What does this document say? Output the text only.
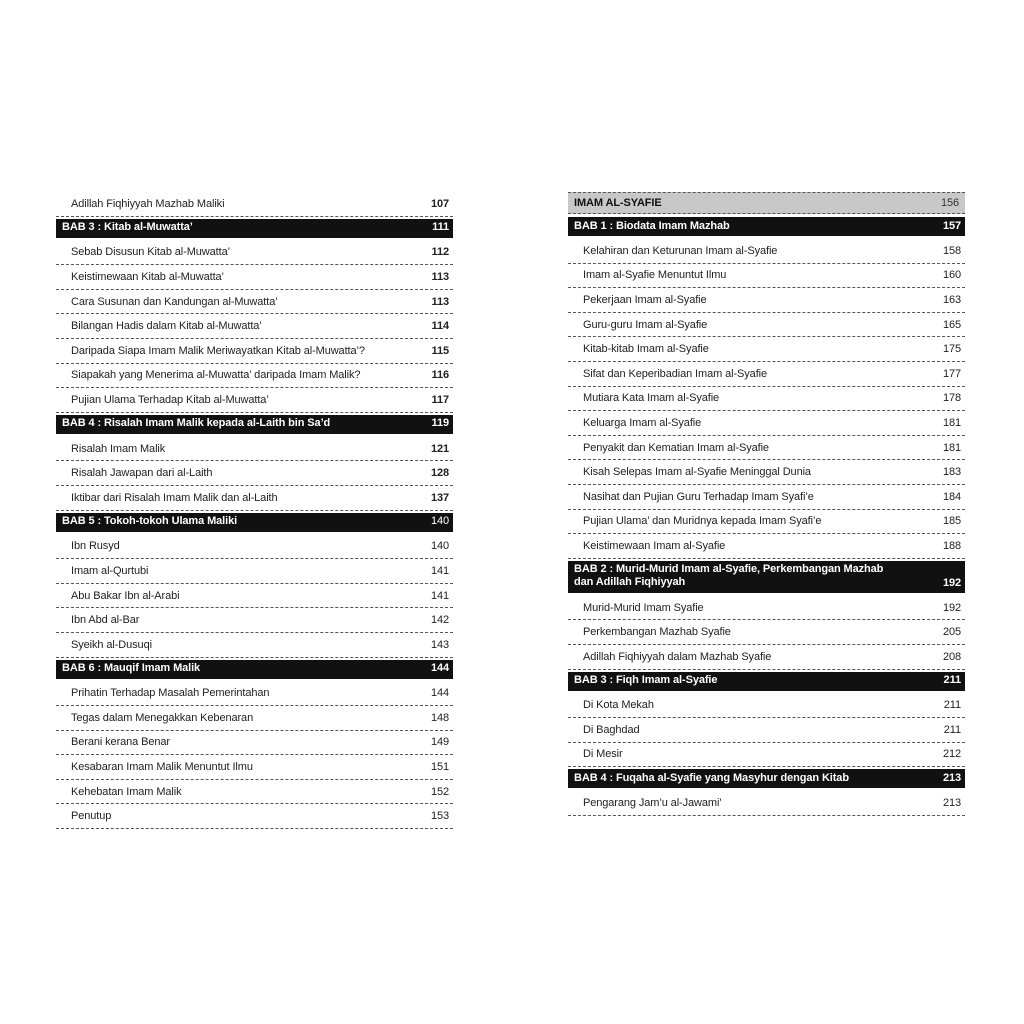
Adillah Fiqhiyyah Mazhab Maliki	107
BAB 3 : Kitab al-Muwatta’	111
Sebab Disusun Kitab al-Muwatta’	112
Keistimewaan Kitab al-Muwatta’	113
Cara Susunan dan Kandungan al-Muwatta’	113
Bilangan Hadis dalam Kitab al-Muwatta’	114
Daripada Siapa Imam Malik Meriwayatkan Kitab al-Muwatta’?	115
Siapakah yang Menerima al-Muwatta’ daripada Imam Malik?	116
Pujian Ulama Terhadap Kitab al-Muwatta’	117
BAB 4 : Risalah Imam Malik kepada al-Laith bin Sa’d	119
Risalah Imam Malik	121
Risalah Jawapan dari al-Laith	128
Iktibar dari Risalah Imam Malik dan al-Laith	137
BAB 5 : Tokoh-tokoh Ulama Maliki	140
Ibn Rusyd	140
Imam al-Qurtubi	141
Abu Bakar Ibn al-Arabi	141
Ibn Abd al-Bar	142
Syeikh al-Dusuqi	143
BAB 6 : Mauqif Imam Malik	144
Prihatin Terhadap Masalah Pemerintahan	144
Tegas dalam Menegakkan Kebenaran	148
Berani kerana Benar	149
Kesabaran Imam Malik Menuntut Ilmu	151
Kehebatan Imam Malik	152
Penutup	153
IMAM AL-SYAFIE	156
BAB 1 : Biodata Imam Mazhab	157
Kelahiran dan Keturunan Imam al-Syafie	158
Imam al-Syafie Menuntut Ilmu	160
Pekerjaan Imam al-Syafie	163
Guru-guru Imam al-Syafie	165
Kitab-kitab Imam al-Syafie	175
Sifat dan Keperibadian Imam al-Syafie	177
Mutiara Kata Imam al-Syafie	178
Keluarga Imam al-Syafie	181
Penyakit dan Kematian Imam al-Syafie	181
Kisah Selepas Imam al-Syafie Meninggal Dunia	183
Nasihat dan Pujian Guru Terhadap Imam Syafi’e	184
Pujian Ulama’ dan Muridnya kepada Imam Syafi’e	185
Keistimewaan Imam al-Syafie	188
BAB 2 : Murid-Murid Imam al-Syafie, Perkembangan Mazhab
dan Adillah Fiqhiyyah	192
Murid-Murid Imam Syafie	192
Perkembangan Mazhab Syafie	205
Adillah Fiqhiyyah dalam Mazhab Syafie	208
BAB 3 : Fiqh Imam al-Syafie	211
Di Kota Mekah	211
Di Baghdad	211
Di Mesir	212
BAB 4 : Fuqaha al-Syafie yang Masyhur dengan Kitab	213
Pengarang Jam’u al-Jawami’	213
